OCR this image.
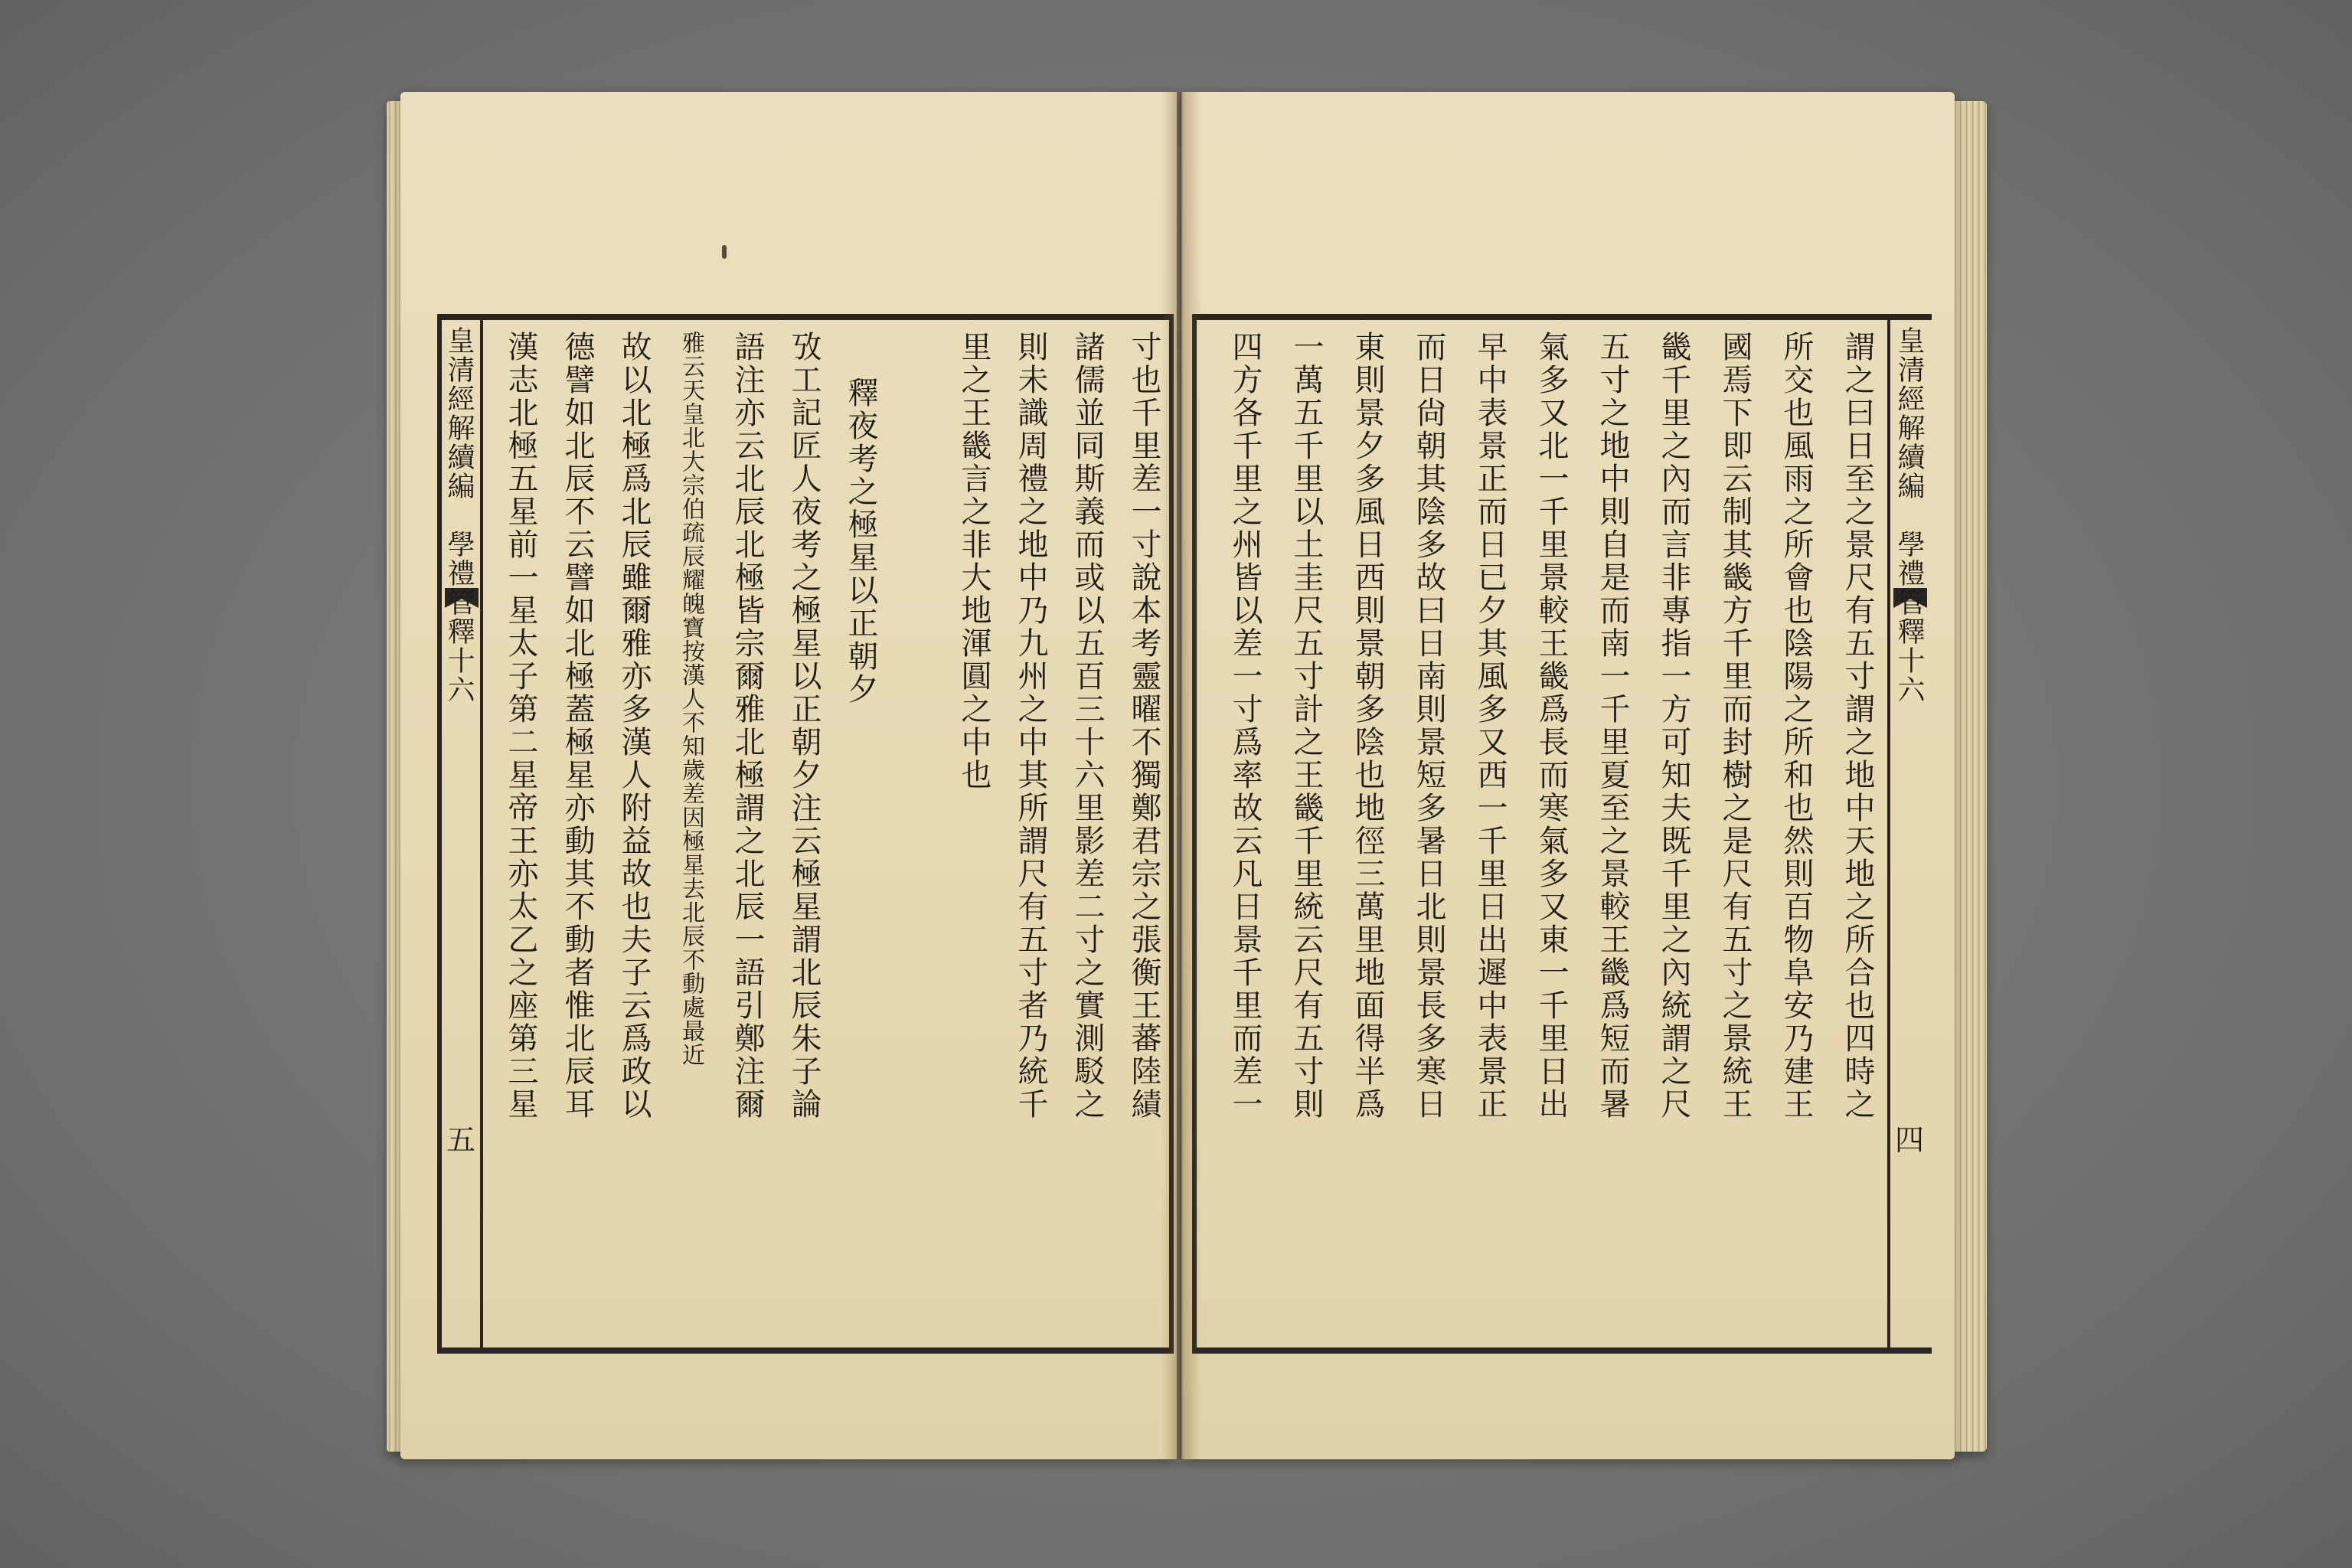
皇清經解續編　學禮管釋十六
五
寸也千里差一寸說本考靈曜不獨鄭君宗之張衡王蕃陸績
諸儒並同斯義而或以五百三十六里影差二寸之實測駁之
則未識周禮之地中乃九州之中其所謂尺有五寸者乃統千
里之王畿言之非大地渾圓之中也
釋夜考之極星以正朝夕
攷工記匠人夜考之極星以正朝夕注云極星謂北辰朱子論
語注亦云北辰北極皆宗爾雅北極謂之北辰一語引鄭注爾
雅云天皇北大宗伯疏辰耀魄寶按漢人不知歲差因極星去北辰不動處最近
故以北極爲北辰雖爾雅亦多漢人附益故也夫子云爲政以
德譬如北辰不云譬如北極蓋極星亦動其不動者惟北辰耳
漢志北極五星前一星太子第二星帝王亦太乙之座第三星	皇清經解續編　學禮管釋十六
四
謂之曰日至之景尺有五寸謂之地中天地之所合也四時之
所交也風雨之所會也陰陽之所和也然則百物阜安乃建王
國焉下即云制其畿方千里而封樹之是尺有五寸之景統王
畿千里之內而言非專指一方可知夫既千里之內統謂之尺
五寸之地中則自是而南一千里夏至之景較王畿爲短而暑
氣多又北一千里景較王畿爲長而寒氣多又東一千里日出
早中表景正而日已夕其風多又西一千里日出遲中表景正
而日尙朝其陰多故曰日南則景短多暑日北則景長多寒日
東則景夕多風日西則景朝多陰也地徑三萬里地面得半爲
一萬五千里以土圭尺五寸計之王畿千里統云尺有五寸則
四方各千里之州皆以差一寸爲率故云凡日景千里而差一
